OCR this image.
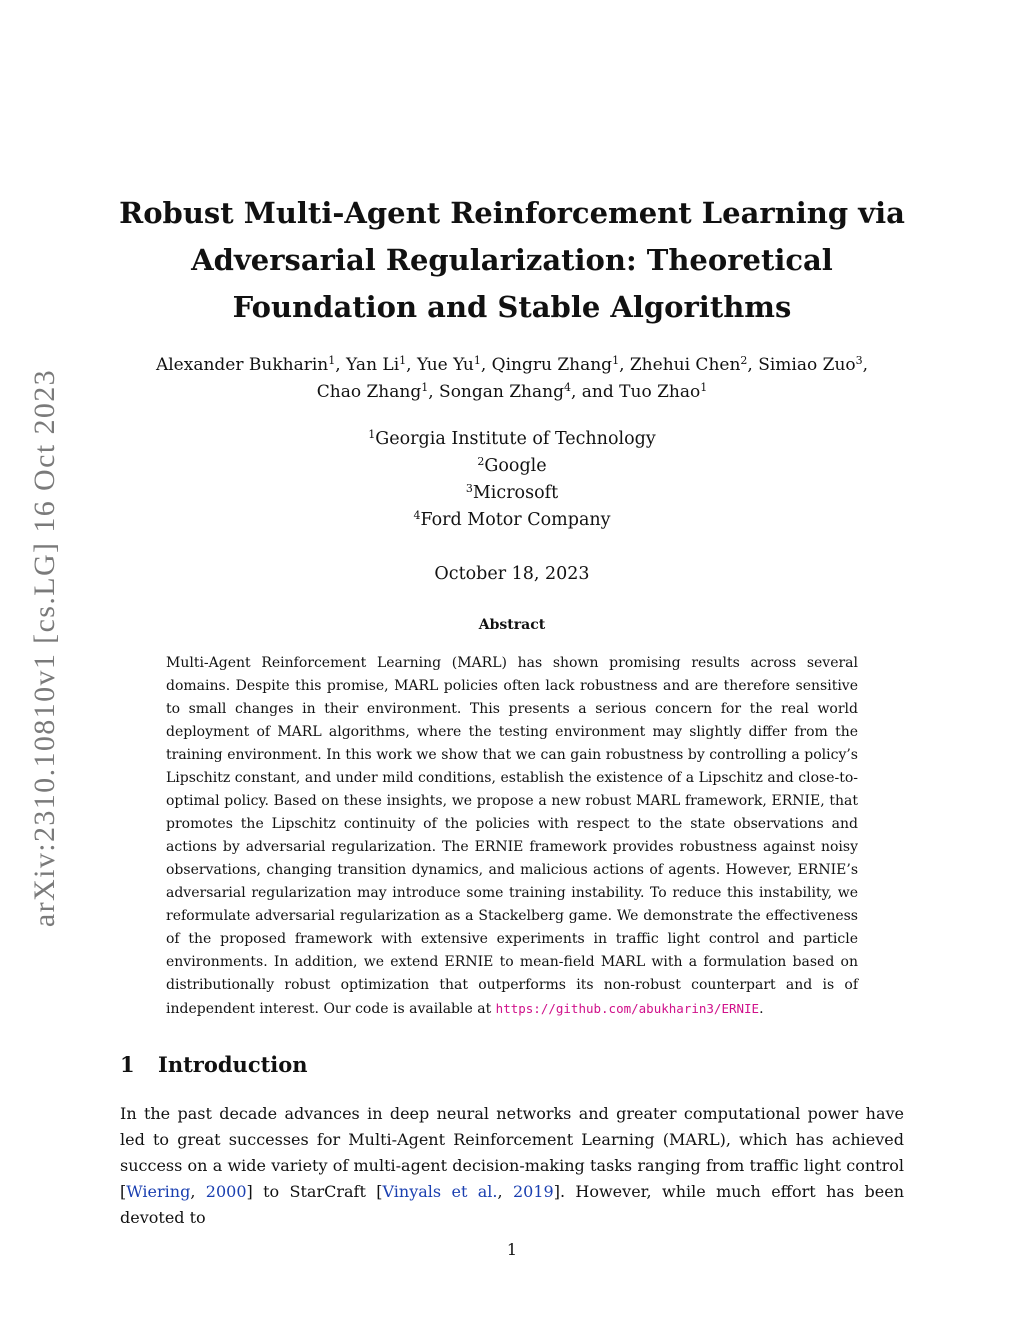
arXiv:2310.10810v1 [cs.LG] 16 Oct 2023
Robust Multi-Agent Reinforcement Learning via Adversarial Regularization: Theoretical Foundation and Stable Algorithms
Alexander Bukharin$^1$, Yan Li$^1$, Yue Yu$^1$, Qingru Zhang$^1$, Zhehui Chen$^2$, Simiao Zuo$^3$,
Chao Zhang$^1$, Songan Zhang$^4$, and Tuo Zhao$^1$
$^1$Georgia Institute of Technology
$^2$Google
$^3$Microsoft
$^4$Ford Motor Company
October 18, 2023
Abstract
Multi-Agent Reinforcement Learning (MARL) has shown promising results across several domains. Despite this promise, MARL policies often lack robustness and are therefore sensitive to small changes in their environment. This presents a serious concern for the real world deployment of MARL algorithms, where the testing environment may slightly differ from the training environment. In this work we show that we can gain robustness by controlling a policy’s Lipschitz constant, and under mild conditions, establish the existence of a Lipschitz and close-to-optimal policy. Based on these insights, we propose a new robust MARL framework, ERNIE, that promotes the Lipschitz continuity of the policies with respect to the state observations and actions by adversarial regularization. The ERNIE framework provides robustness against noisy observations, changing transition dynamics, and malicious actions of agents. However, ERNIE’s adversarial regularization may introduce some training instability. To reduce this instability, we reformulate adversarial regularization as a Stackelberg game. We demonstrate the effectiveness of the proposed framework with extensive experiments in traffic light control and particle environments. In addition, we extend ERNIE to mean-field MARL with a formulation based on distributionally robust optimization that outperforms its non-robust counterpart and is of independent interest. Our code is available at https://github.com/abukharin3/ERNIE.
1 Introduction

In the past decade advances in deep neural networks and greater computational power have led to great successes for Multi-Agent Reinforcement Learning (MARL), which has achieved success on a wide variety of multi-agent decision-making tasks ranging from traffic light control [Wiering, 2000] to StarCraft [Vinyals et al., 2019]. However, while much effort has been devoted to

1
